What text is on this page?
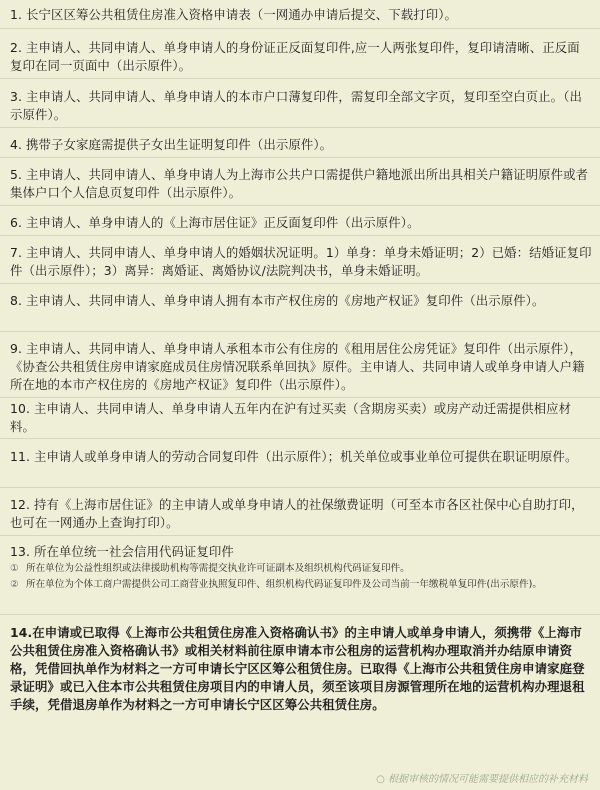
1. 长宁区区筹公共租赁住房准入资格申请表（一网通办申请后提交、下载打印）。
2. 主申请人、共同申请人、单身申请人的身份证正反面复印件,应一人两张复印件，复印请清晰、正反面复印在同一页面中（出示原件）。
3. 主申请人、共同申请人、单身申请人的本市户口薄复印件，需复印全部文字页，复印至空白页止。（出示原件）。
4. 携带子女家庭需提供子女出生证明复印件（出示原件）。
5. 主申请人、共同申请人、单身申请人为上海市公共户口需提供户籍地派出所出具相关户籍证明原件或者集体户口个人信息页复印件（出示原件）。
6. 主申请人、单身申请人的《上海市居住证》正反面复印件（出示原件）。
7. 主申请人、共同申请人、单身申请人的婚姻状况证明。1）单身：单身未婚证明；2）已婚：结婚证复印件（出示原件）；3）离异：离婚证、离婚协议/法院判决书，单身未婚证明。
8. 主申请人、共同申请人、单身申请人拥有本市产权住房的《房地产权证》复印件（出示原件）。
9. 主申请人、共同申请人、单身申请人承租本市公有住房的《租用居住公房凭证》复印件（出示原件），《协查公共租赁住房申请家庭成员住房情况联系单回执》原件。主申请人、共同申请人或单身申请人户籍所在地的本市产权住房的《房地产权证》复印件（出示原件）。
10. 主申请人、共同申请人、单身申请人五年内在沪有过买卖（含期房买卖）或房产动迁需提供相应材料。
11. 主申请人或单身申请人的劳动合同复印件（出示原件）；机关单位或事业单位可提供在职证明原件。
12. 持有《上海市居住证》的主申请人或单身申请人的社保缴费证明（可至本市各区社保中心自助打印，也可在一网通办上查询打印）。
13. 所在单位统一社会信用代码证复印件
① 所在单位为公益性组织或法律援助机构等需提交执业许可证副本及组织机构代码证复印件。
② 所在单位为个体工商户需提供公司工商营业执照复印件、组织机构代码证复印件及公司当前一年缴税单复印件(出示原件)。
14.在申请或已取得《上海市公共租赁住房准入资格确认书》的主申请人或单身申请人，须携带《上海市公共租赁住房准入资格确认书》或相关材料前往原申请本市公租房的运营机构办理取消并办结原申请资格，凭借回执单作为材料之一方可申请长宁区区筹公租赁住房。已取得《上海市公共租赁住房申请家庭登录证明》或已入住本市公共租赁住房项目内的申请人员，须至该项目房源管理所在地的运营机构办理退租手续，凭借退房单作为材料之一方可申请长宁区区筹公共租赁住房。
○ 根据审核的情况可能需要提供相应的补充材料
